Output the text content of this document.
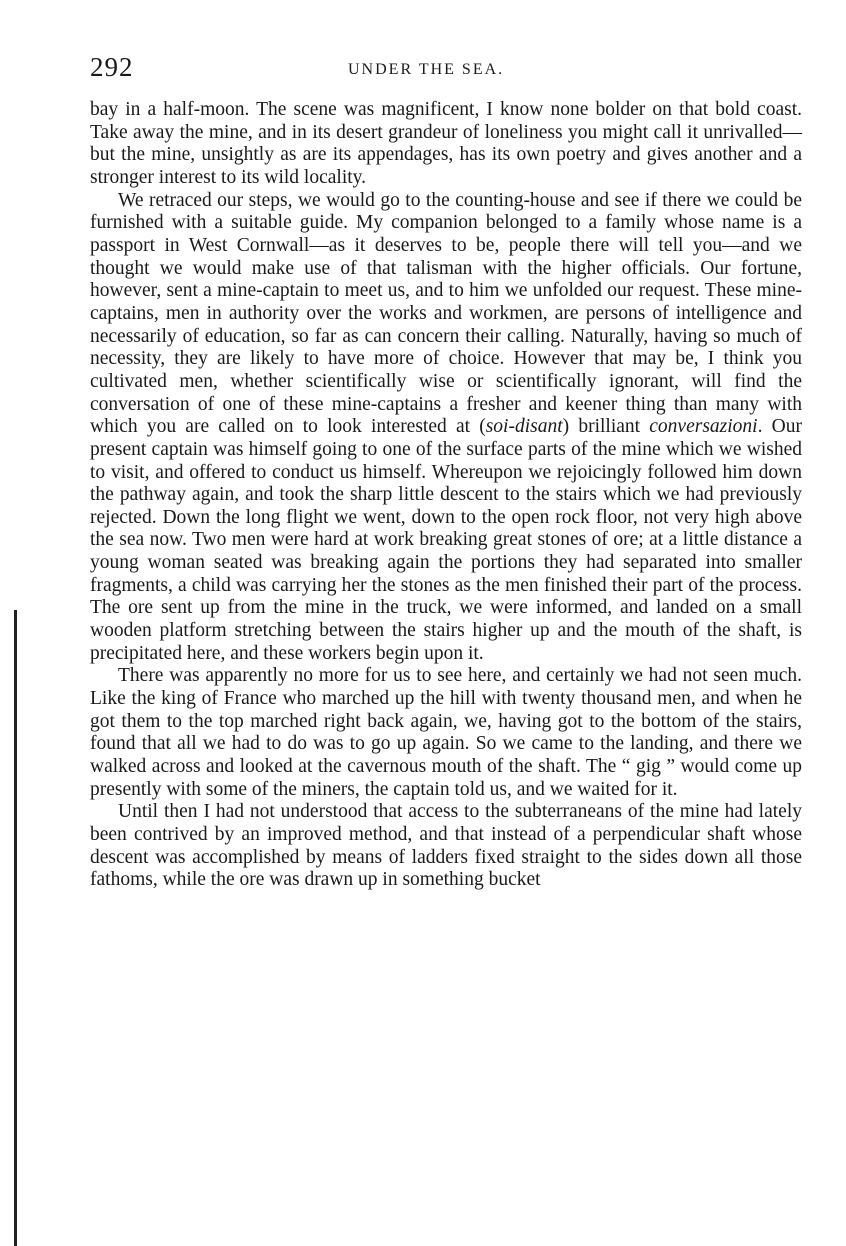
292	UNDER THE SEA.

bay in a half-moon. The scene was magnificent, I know none bolder on that bold coast. Take away the mine, and in its desert grandeur of loneliness you might call it unrivalled—but the mine, unsightly as are its appendages, has its own poetry and gives another and a stronger interest to its wild locality.

We retraced our steps, we would go to the counting-house and see if there we could be furnished with a suitable guide. My companion belonged to a family whose name is a passport in West Cornwall—as it deserves to be, people there will tell you—and we thought we would make use of that talisman with the higher officials. Our fortune, however, sent a mine-captain to meet us, and to him we unfolded our request. These mine-captains, men in authority over the works and workmen, are persons of intelligence and necessarily of education, so far as can concern their calling. Naturally, having so much of necessity, they are likely to have more of choice. However that may be, I think you cultivated men, whether scientifically wise or scientifically ignorant, will find the conversation of one of these mine-captains a fresher and keener thing than many with which you are called on to look interested at (soi-disant) brilliant conversazioni. Our present captain was himself going to one of the surface parts of the mine which we wished to visit, and offered to conduct us himself. Whereupon we rejoicingly followed him down the pathway again, and took the sharp little descent to the stairs which we had previously rejected. Down the long flight we went, down to the open rock floor, not very high above the sea now. Two men were hard at work breaking great stones of ore; at a little distance a young woman seated was breaking again the portions they had separated into smaller fragments, a child was carrying her the stones as the men finished their part of the process. The ore sent up from the mine in the truck, we were informed, and landed on a small wooden platform stretching between the stairs higher up and the mouth of the shaft, is precipitated here, and these workers begin upon it.

There was apparently no more for us to see here, and certainly we had not seen much. Like the king of France who marched up the hill with twenty thousand men, and when he got them to the top marched right back again, we, having got to the bottom of the stairs, found that all we had to do was to go up again. So we came to the landing, and there we walked across and looked at the cavernous mouth of the shaft. The “ gig ” would come up presently with some of the miners, the captain told us, and we waited for it.

Until then I had not understood that access to the subterraneans of the mine had lately been contrived by an improved method, and that instead of a perpendicular shaft whose descent was accomplished by means of ladders fixed straight to the sides down all those fathoms, while the ore was drawn up in something bucket
